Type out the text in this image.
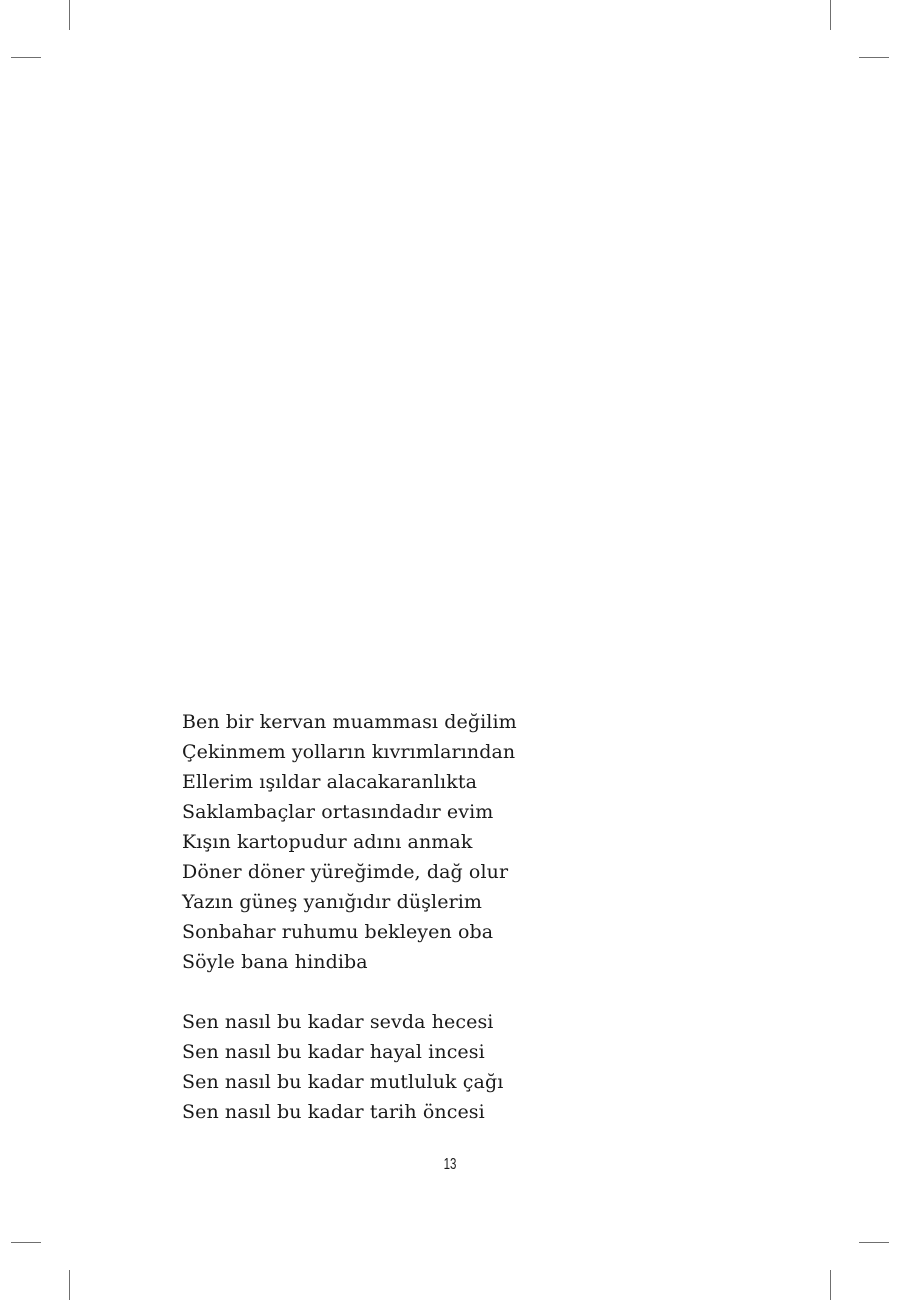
Ben bir kervan muamması değilim
Çekinmem yolların kıvrımlarından
Ellerim ışıldar alacakaranlıkta
Saklambaçlar ortasındadır evim
Kışın kartopudur adını anmak
Döner döner yüreğimde, dağ olur
Yazın güneş yanığıdır düşlerim
Sonbahar ruhumu bekleyen oba
Söyle bana hindiba
Sen nasıl bu kadar sevda hecesi
Sen nasıl bu kadar hayal incesi
Sen nasıl bu kadar mutluluk çağı
Sen nasıl bu kadar tarih öncesi
13
